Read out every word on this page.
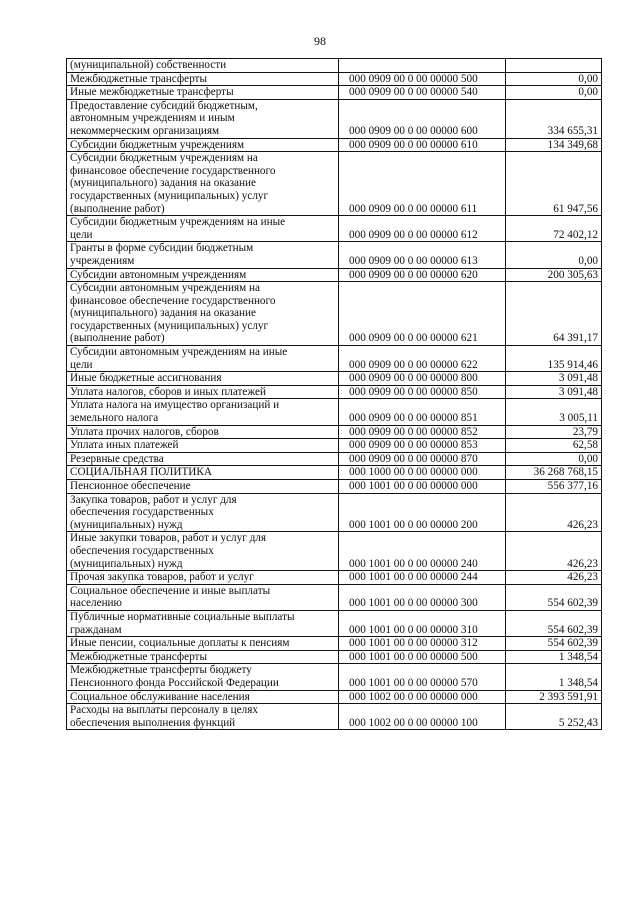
98
(муниципальной) собственности		
Межбюджетные трансферты	000 0909 00 0 00 00000 500	0,00
Иные межбюджетные трансферты	000 0909 00 0 00 00000 540	0,00
Предоставление субсидий бюджетным,
автономным учреждениям и иным
некоммерческим организациям	000 0909 00 0 00 00000 600	334 655,31
Субсидии бюджетным учреждениям	000 0909 00 0 00 00000 610	134 349,68
Субсидии бюджетным учреждениям на
финансовое обеспечение государственного
(муниципального) задания на оказание
государственных (муниципальных) услуг
(выполнение работ)	000 0909 00 0 00 00000 611	61 947,56
Субсидии бюджетным учреждениям на иные
цели	000 0909 00 0 00 00000 612	72 402,12
Гранты в форме субсидии бюджетным
учреждениям	000 0909 00 0 00 00000 613	0,00
Субсидии автономным учреждениям	000 0909 00 0 00 00000 620	200 305,63
Субсидии автономным учреждениям на
финансовое обеспечение государственного
(муниципального) задания на оказание
государственных (муниципальных) услуг
(выполнение работ)	000 0909 00 0 00 00000 621	64 391,17
Субсидии автономным учреждениям на иные
цели	000 0909 00 0 00 00000 622	135 914,46
Иные бюджетные ассигнования	000 0909 00 0 00 00000 800	3 091,48
Уплата налогов, сборов и иных платежей	000 0909 00 0 00 00000 850	3 091,48
Уплата налога на имущество организаций и
земельного налога	000 0909 00 0 00 00000 851	3 005,11
Уплата прочих налогов, сборов	000 0909 00 0 00 00000 852	23,79
Уплата иных платежей	000 0909 00 0 00 00000 853	62,58
Резервные средства	000 0909 00 0 00 00000 870	0,00
СОЦИАЛЬНАЯ ПОЛИТИКА	000 1000 00 0 00 00000 000	36 268 768,15
Пенсионное обеспечение	000 1001 00 0 00 00000 000	556 377,16
Закупка товаров, работ и услуг для
обеспечения государственных
(муниципальных) нужд	000 1001 00 0 00 00000 200	426,23
Иные закупки товаров, работ и услуг для
обеспечения государственных
(муниципальных) нужд	000 1001 00 0 00 00000 240	426,23
Прочая закупка товаров, работ и услуг	000 1001 00 0 00 00000 244	426,23
Социальное обеспечение и иные выплаты
населению	000 1001 00 0 00 00000 300	554 602,39
Публичные нормативные социальные выплаты
гражданам	000 1001 00 0 00 00000 310	554 602,39
Иные пенсии, социальные доплаты к пенсиям	000 1001 00 0 00 00000 312	554 602,39
Межбюджетные трансферты	000 1001 00 0 00 00000 500	1 348,54
Межбюджетные трансферты бюджету
Пенсионного фонда Российской Федерации	000 1001 00 0 00 00000 570	1 348,54
Социальное обслуживание населения	000 1002 00 0 00 00000 000	2 393 591,91
Расходы на выплаты персоналу в целях
обеспечения выполнения функций	000 1002 00 0 00 00000 100	5 252,43
